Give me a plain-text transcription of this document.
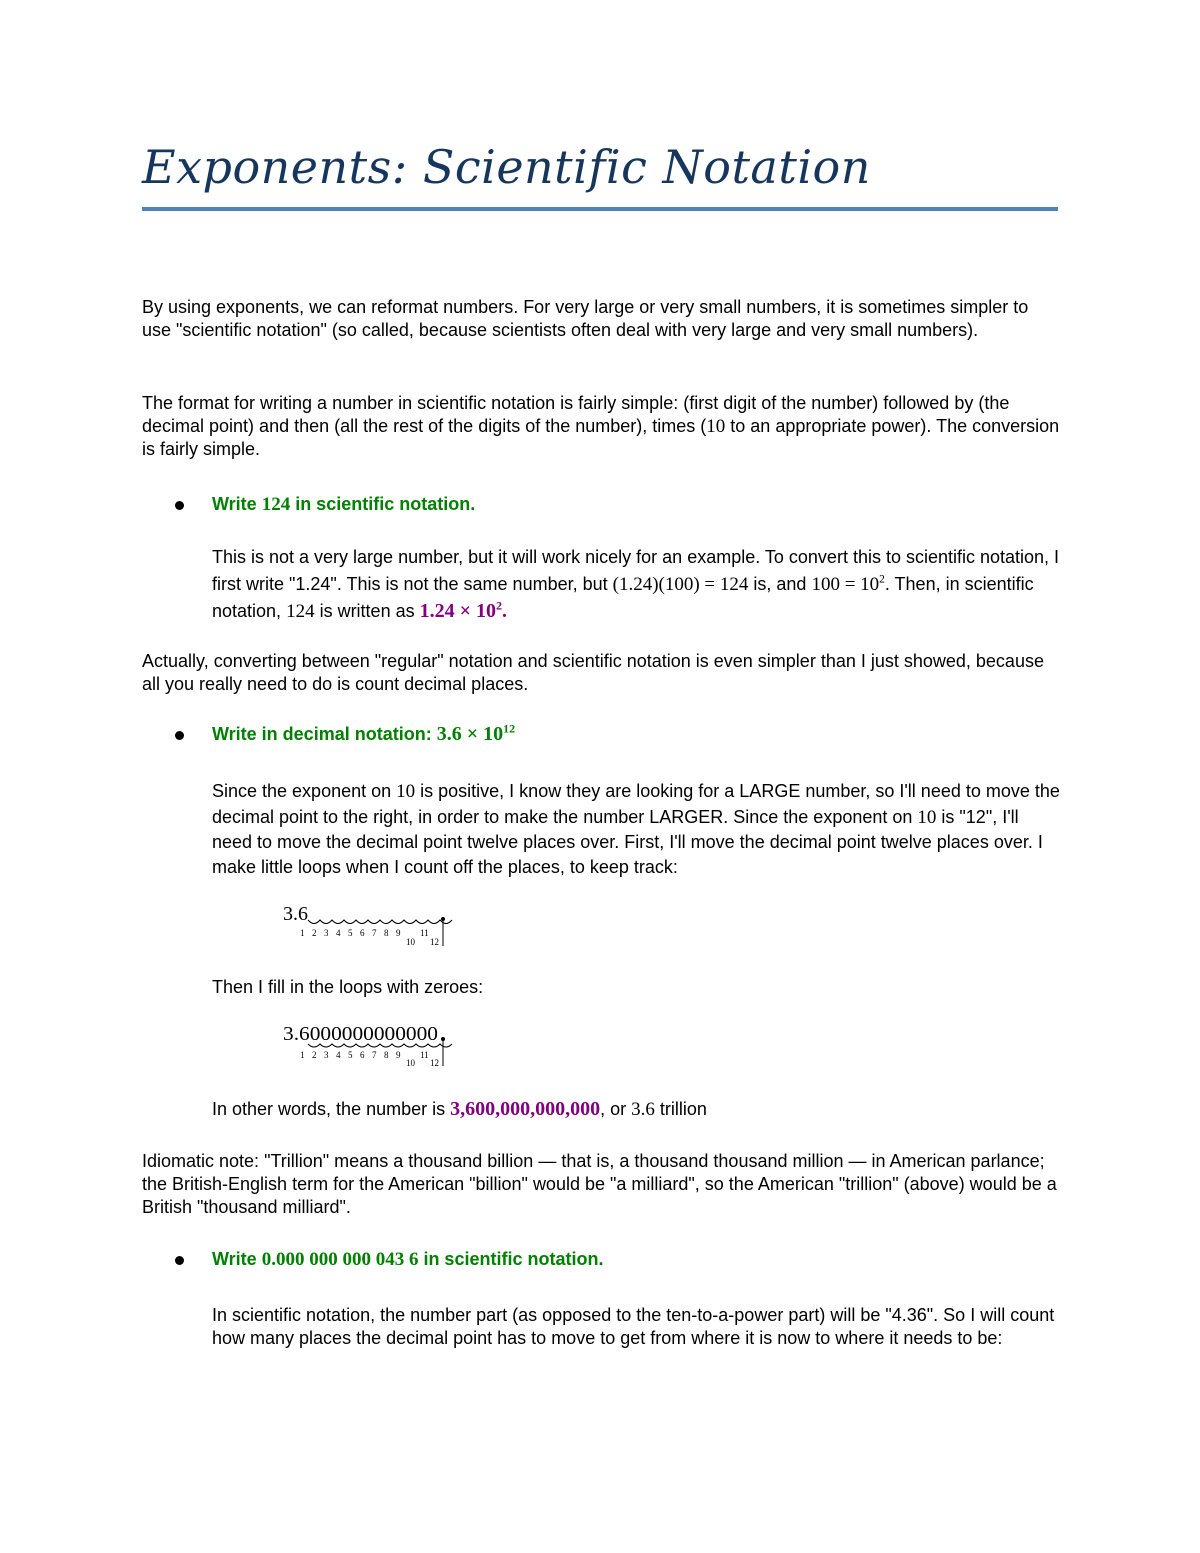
Exponents: Scientific Notation

By using exponents, we can reformat numbers. For very large or very small numbers, it is sometimes simpler to use "scientific notation" (so called, because scientists often deal with very large and very small numbers).

The format for writing a number in scientific notation is fairly simple: (first digit of the number) followed by (the decimal point) and then (all the rest of the digits of the number), times (10 to an appropriate power). The conversion is fairly simple.

Write 124 in scientific notation.

This is not a very large number, but it will work nicely for an example. To convert this to scientific notation, I first write "1.24". This is not the same number, but (1.24)(100) = 124 is, and $100 = 10^2$. Then, in scientific notation, 124 is written as $1.24 \times 10^2$.

Actually, converting between "regular" notation and scientific notation is even simpler than I just showed, because all you really need to do is count decimal places.

Write in decimal notation: $3.6 \times 10^{12}$

Since the exponent on 10 is positive, I know they are looking for a LARGE number, so I'll need to move the decimal point to the right, in order to make the number LARGER. Since the exponent on 10 is "12", I'll need to move the decimal point twelve places over. First, I'll move the decimal point twelve places over. I make little loops when I count off the places, to keep track:

3.6
1 2 3 4 5 6 7 8 9 11
10 12

Then I fill in the loops with zeroes:

3.6000000000000
1 2 3 4 5 6 7 8 9 11
10 12

In other words, the number is 3,600,000,000,000, or 3.6 trillion

Idiomatic note: "Trillion" means a thousand billion — that is, a thousand thousand million — in American parlance; the British-English term for the American "billion" would be "a milliard", so the American "trillion" (above) would be a British "thousand milliard".

Write 0.000 000 000 043 6 in scientific notation.

In scientific notation, the number part (as opposed to the ten-to-a-power part) will be "4.36". So I will count how many places the decimal point has to move to get from where it is now to where it needs to be:
